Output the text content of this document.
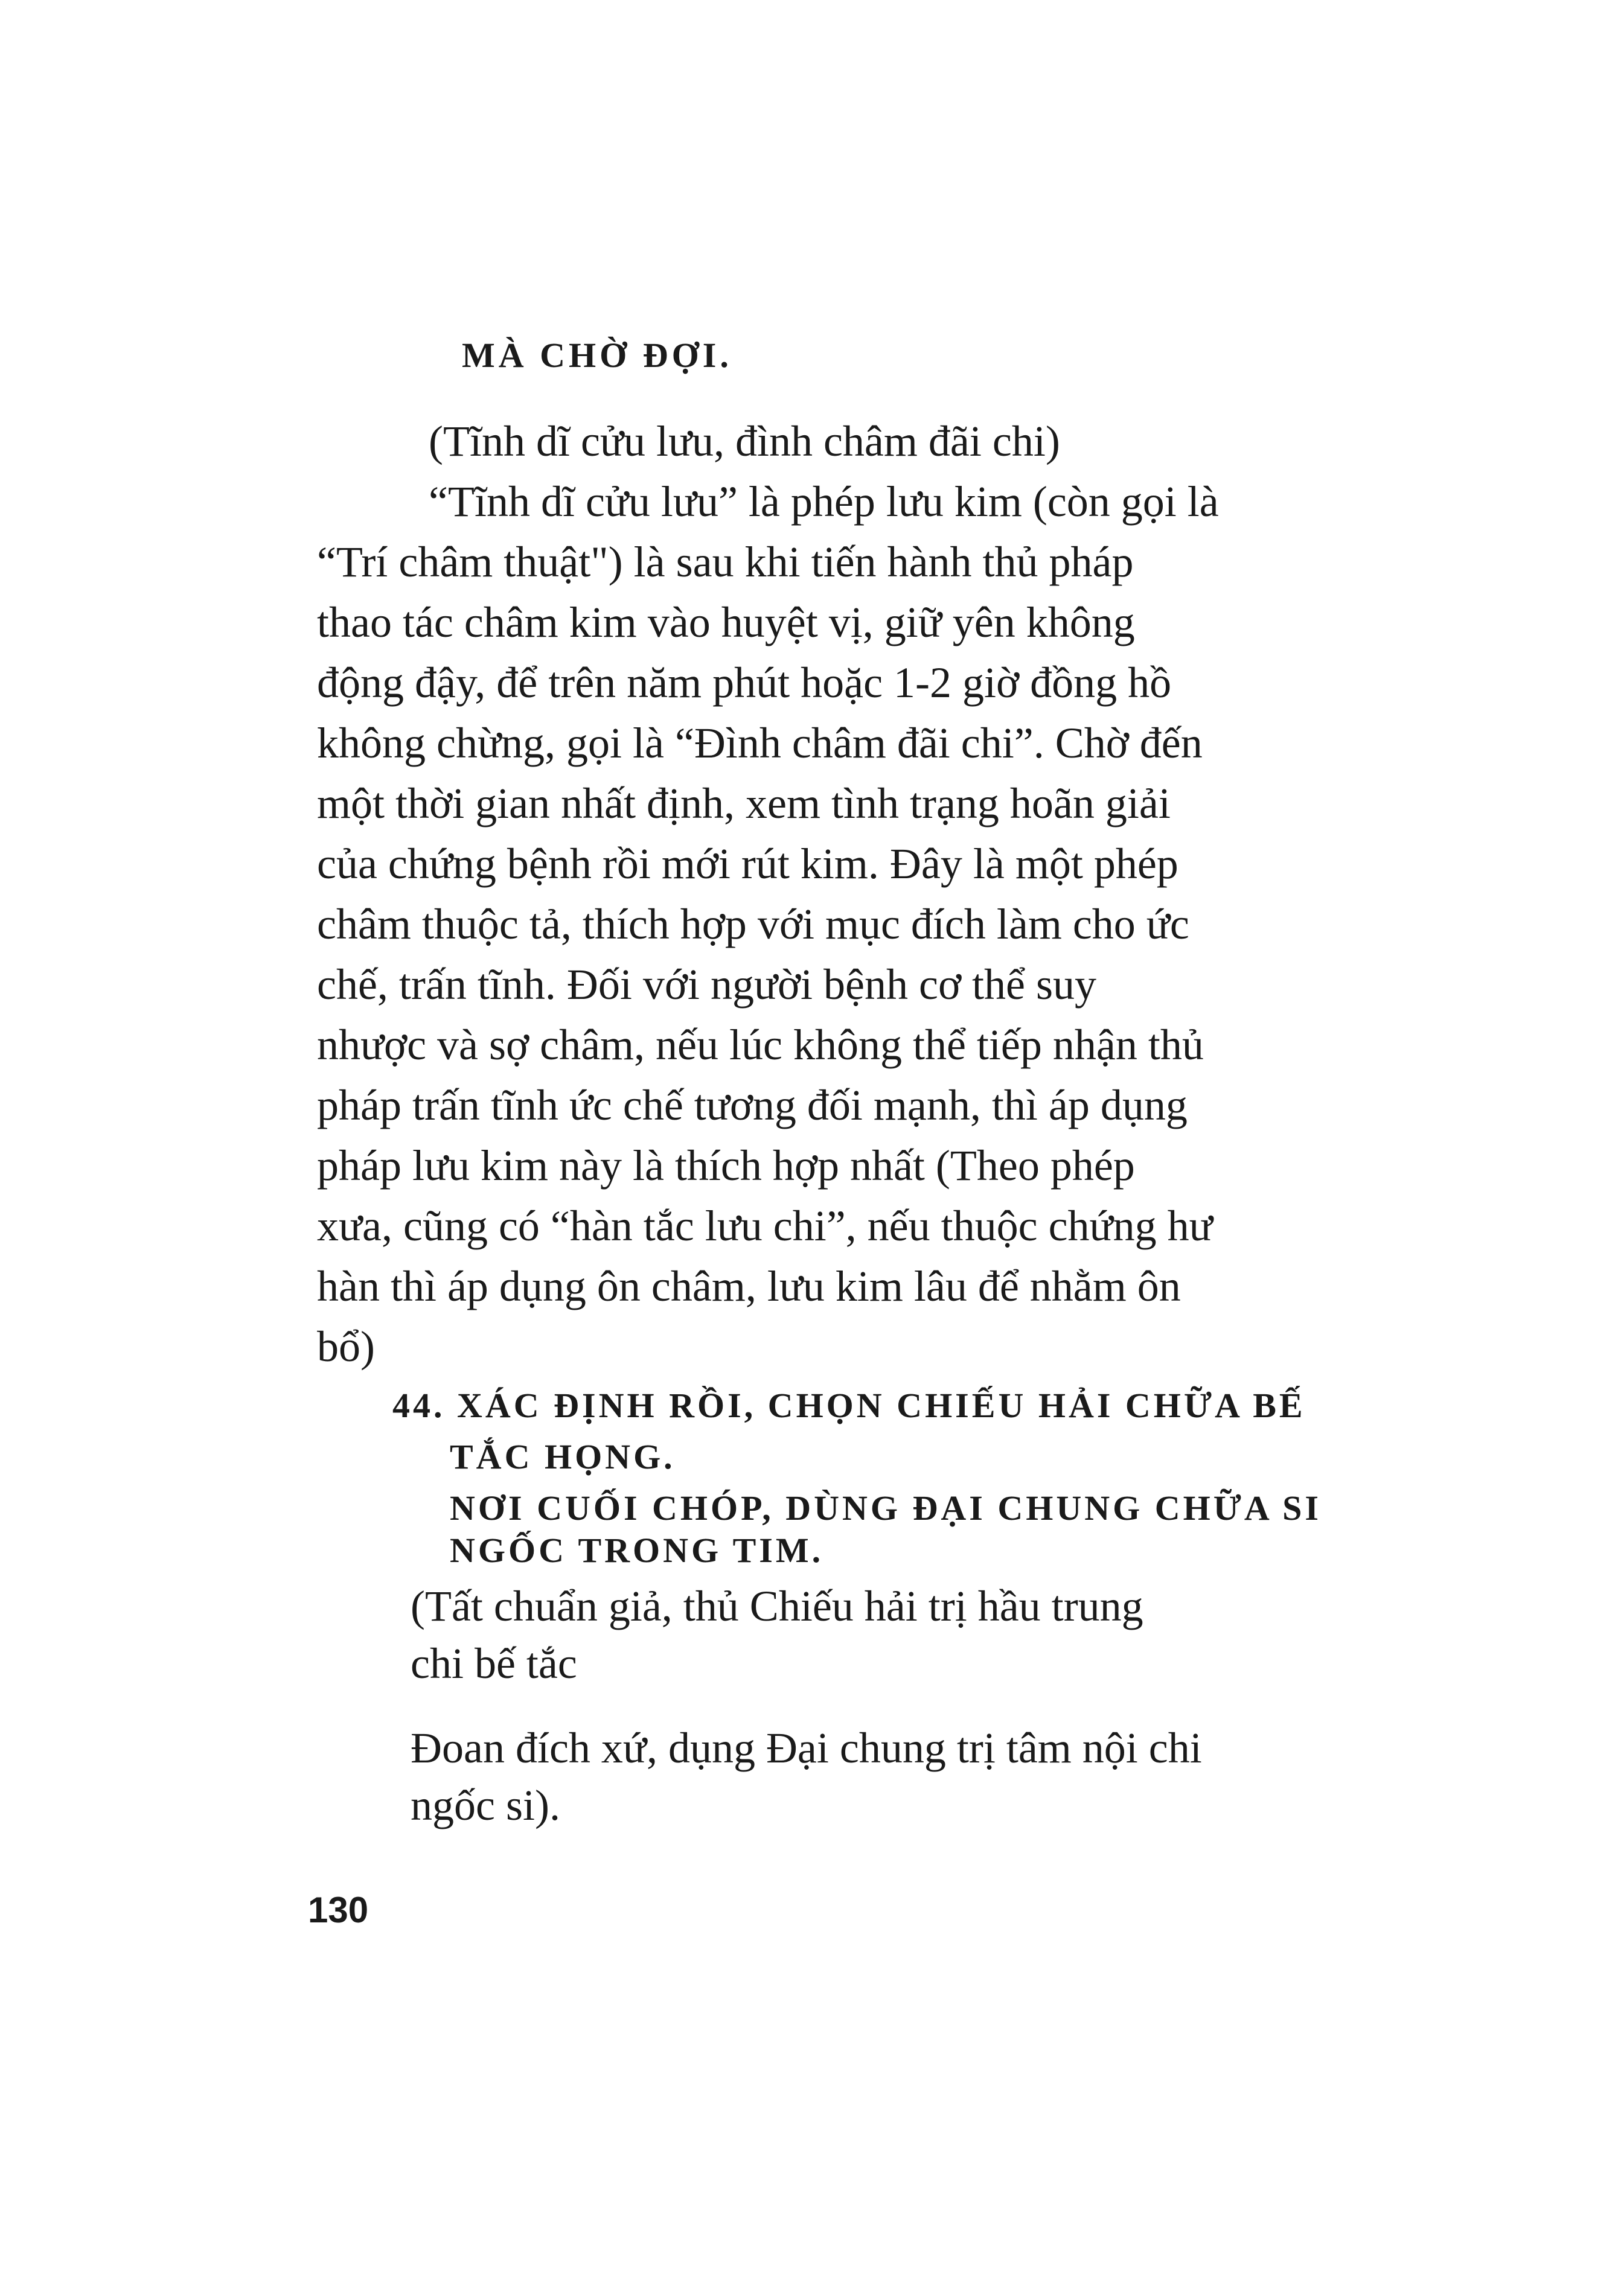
MÀ CHỜ ĐỢI.
(Tĩnh dĩ cửu lưu, đình châm đãi chi)
“Tĩnh dĩ cửu lưu” là phép lưu kim (còn gọi là
“Trí châm thuật") là sau khi tiến hành thủ pháp
thao tác châm kim vào huyệt vị, giữ yên không
động đậy, để trên năm phút hoặc 1-2 giờ đồng hồ
không chừng, gọi là “Đình châm đãi chi”. Chờ đến
một thời gian nhất định, xem tình trạng hoãn giải
của chứng bệnh rồi mới rút kim. Đây là một phép
châm thuộc tả, thích hợp với mục đích làm cho ức
chế, trấn tĩnh. Đối với người bệnh cơ thể suy
nhược và sợ châm, nếu lúc không thể tiếp nhận thủ
pháp trấn tĩnh ức chế tương đối mạnh, thì áp dụng
pháp lưu kim này là thích hợp nhất (Theo phép
xưa, cũng có “hàn tắc lưu chi”, nếu thuộc chứng hư
hàn thì áp dụng ôn châm, lưu kim lâu để nhằm ôn
bổ)
44. XÁC ĐỊNH RỒI, CHỌN CHIẾU HẢI CHỮA BẾ
TẮC HỌNG.
NƠI CUỐI CHÓP, DÙNG ĐẠI CHUNG CHỮA SI
NGỐC TRONG TIM.
(Tất chuẩn giả, thủ Chiếu hải trị hầu trung
chi bế tắc
Đoan đích xứ, dụng Đại chung trị tâm nội chi
ngốc si).
130
